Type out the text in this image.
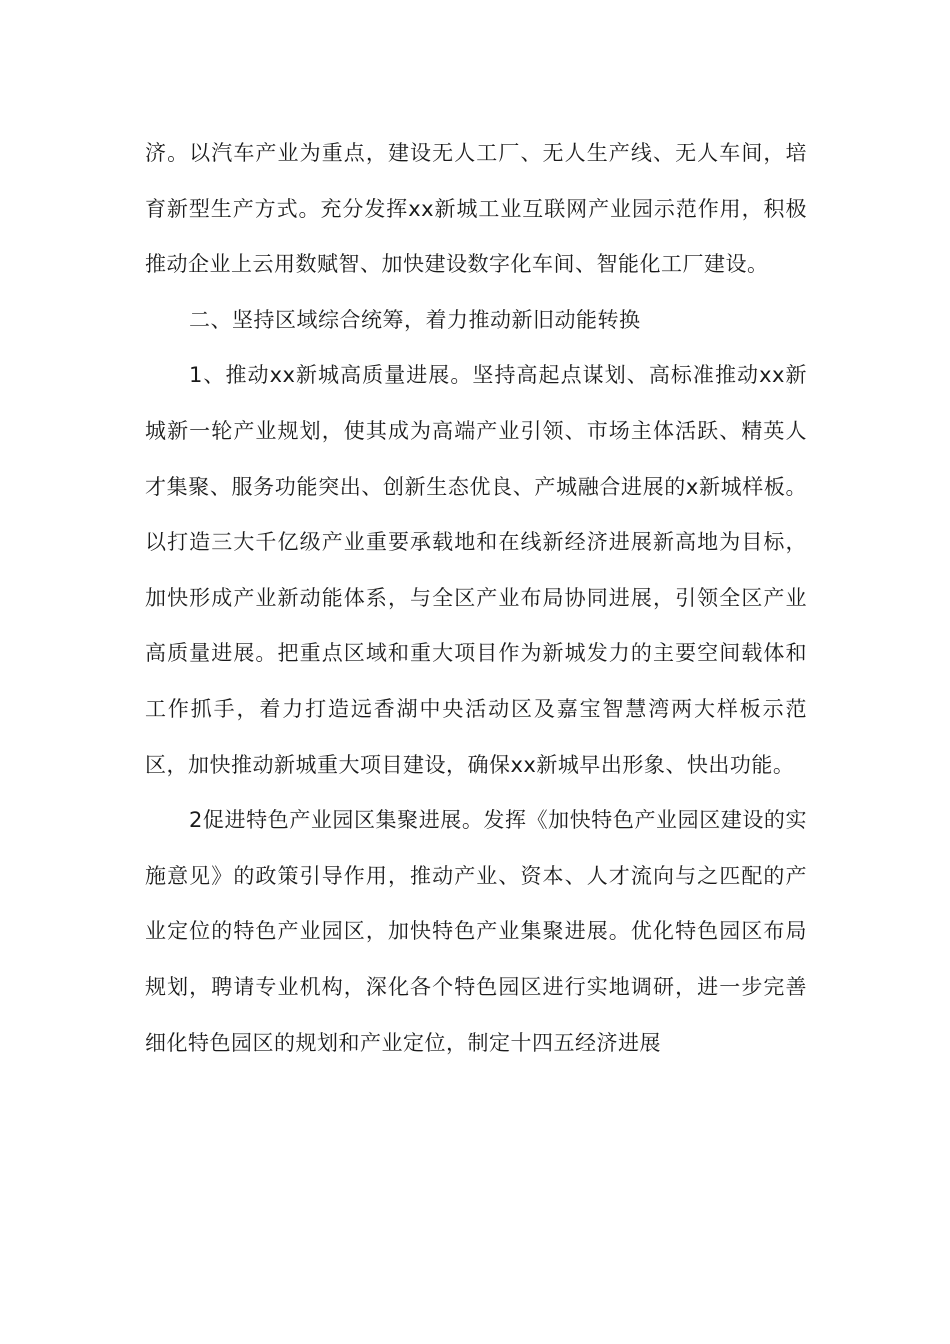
济。以汽车产业为重点，建设无人工厂、无人生产线、无人车间，培育新型生产方式。充分发挥xx新城工业互联网产业园示范作用，积极推动企业上云用数赋智、加快建设数字化车间、智能化工厂建设。

二、坚持区域综合统筹，着力推动新旧动能转换

1、推动xx新城高质量进展。坚持高起点谋划、高标准推动xx新城新一轮产业规划，使其成为高端产业引领、市场主体活跃、精英人才集聚、服务功能突出、创新生态优良、产城融合进展的x新城样板。以打造三大千亿级产业重要承载地和在线新经济进展新高地为目标，加快形成产业新动能体系，与全区产业布局协同进展，引领全区产业高质量进展。把重点区域和重大项目作为新城发力的主要空间载体和工作抓手，着力打造远香湖中央活动区及嘉宝智慧湾两大样板示范区，加快推动新城重大项目建设，确保xx新城早出形象、快出功能。

2促进特色产业园区集聚进展。发挥《加快特色产业园区建设的实施意见》的政策引导作用，推动产业、资本、人才流向与之匹配的产业定位的特色产业园区，加快特色产业集聚进展。优化特色园区布局规划，聘请专业机构，深化各个特色园区进行实地调研，进一步完善细化特色园区的规划和产业定位，制定十四五经济进展
